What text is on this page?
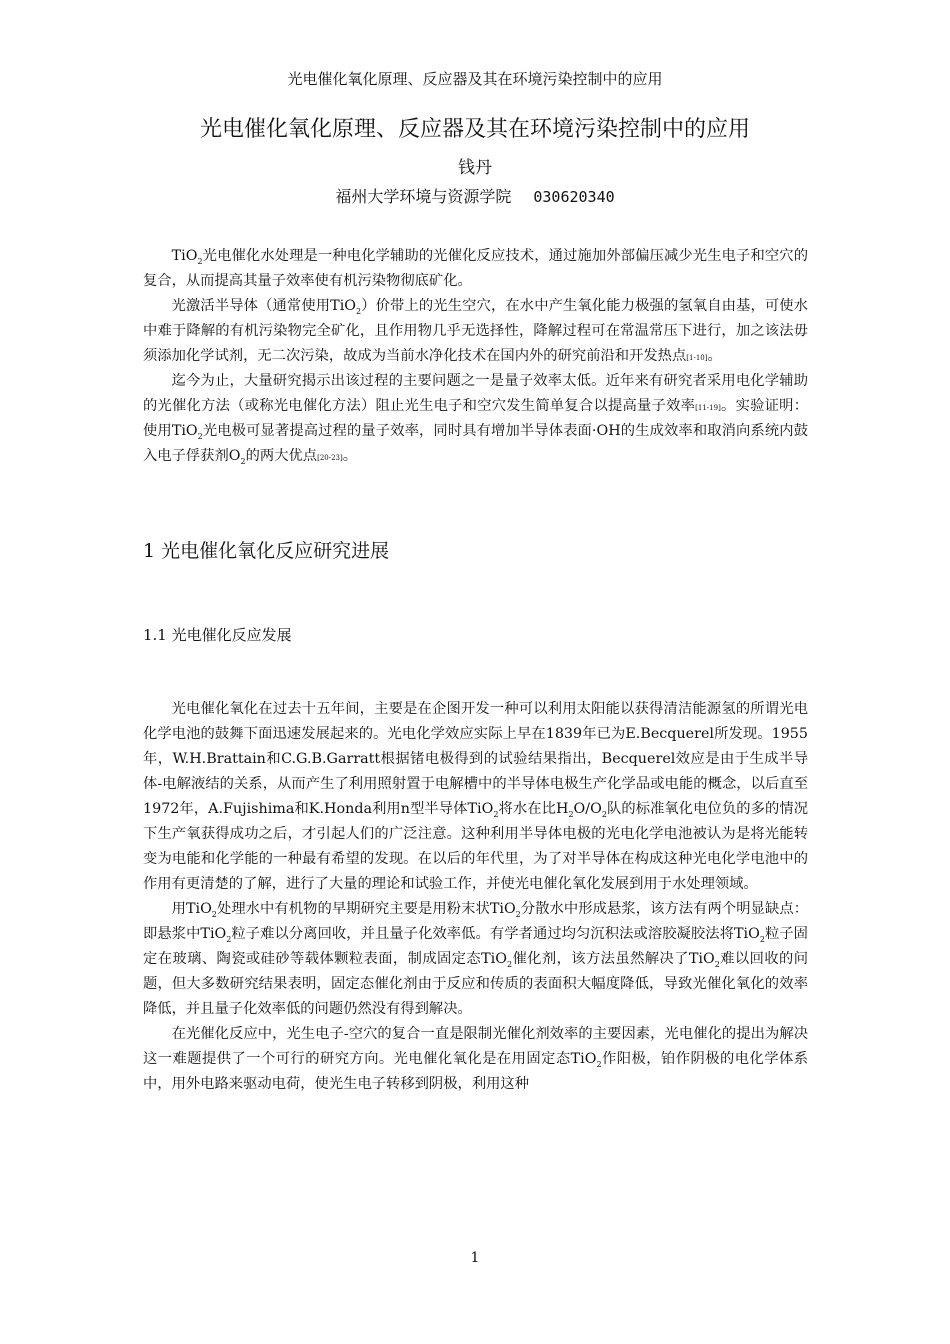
光电催化氧化原理、反应器及其在环境污染控制中的应用
光电催化氧化原理、反应器及其在环境污染控制中的应用
钱丹
福州大学环境与资源学院 030620340

TiO$_2$光电催化水处理是一种电化学辅助的光催化反应技术，通过施加外部偏压减少光生电子和空穴的复合，从而提高其量子效率使有机污染物彻底矿化。

光激活半导体（通常使用TiO$_2$）价带上的光生空穴，在水中产生氧化能力极强的氢氧自由基，可使水中难于降解的有机污染物完全矿化，且作用物几乎无选择性，降解过程可在常温常压下进行，加之该法毋须添加化学试剂，无二次污染，故成为当前水净化技术在国内外的研究前沿和开发热点[1-10]。

迄今为止，大量研究揭示出该过程的主要问题之一是量子效率太低。近年来有研究者采用电化学辅助的光催化方法（或称光电催化方法）阻止光生电子和空穴发生简单复合以提高量子效率[11-19]。实验证明：使用TiO$_2$光电极可显著提高过程的量子效率，同时具有增加半导体表面·OH的生成效率和取消向系统内鼓入电子俘获剂$O_2$的两大优点[20-23]。

1 光电催化氧化反应研究进展
1.1 光电催化反应发展

光电催化氧化在过去十五年间，主要是在企图开发一种可以利用太阳能以获得清洁能源氢的所谓光电化学电池的鼓舞下面迅速发展起来的。光电化学效应实际上早在1839年已为E.Becquerel所发现。1955年，W.H.Brattain和C.G.B.Garratt根据锗电极得到的试验结果指出，Becquerel效应是由于生成半导体-电解液结的关系，从而产生了利用照射置于电解槽中的半导体电极生产化学品或电能的概念，以后直至1972年，A.Fujishima和K.Honda利用n型半导体TiO$_2$将水在比$H_2O/O_2$队的标准氧化电位负的多的情况下生产氧获得成功之后，才引起人们的广泛注意。这种利用半导体电极的光电化学电池被认为是将光能转变为电能和化学能的一种最有希望的发现。在以后的年代里，为了对半导体在构成这种光电化学电池中的作用有更清楚的了解，进行了大量的理论和试验工作，并使光电催化氧化发展到用于水处理领域。

用TiO$_2$处理水中有机物的早期研究主要是用粉末状TiO$_2$分散水中形成悬浆，该方法有两个明显缺点：即悬浆中TiO$_2$粒子难以分离回收，并且量子化效率低。有学者通过均匀沉积法或溶胶凝胶法将TiO$_2$粒子固定在玻璃、陶瓷或硅砂等载体颗粒表面，制成固定态TiO$_2$催化剂，该方法虽然解决了TiO$_2$难以回收的问题，但大多数研究结果表明，固定态催化剂由于反应和传质的表面积大幅度降低，导致光催化氧化的效率降低，并且量子化效率低的问题仍然没有得到解决。

在光催化反应中，光生电子-空穴的复合一直是限制光催化剂效率的主要因素，光电催化的提出为解决这一难题提供了一个可行的研究方向。光电催化氧化是在用固定态TiO$_2$作阳极，铂作阴极的电化学体系中，用外电路来驱动电荷，使光生电子转移到阴极，利用这种

1
